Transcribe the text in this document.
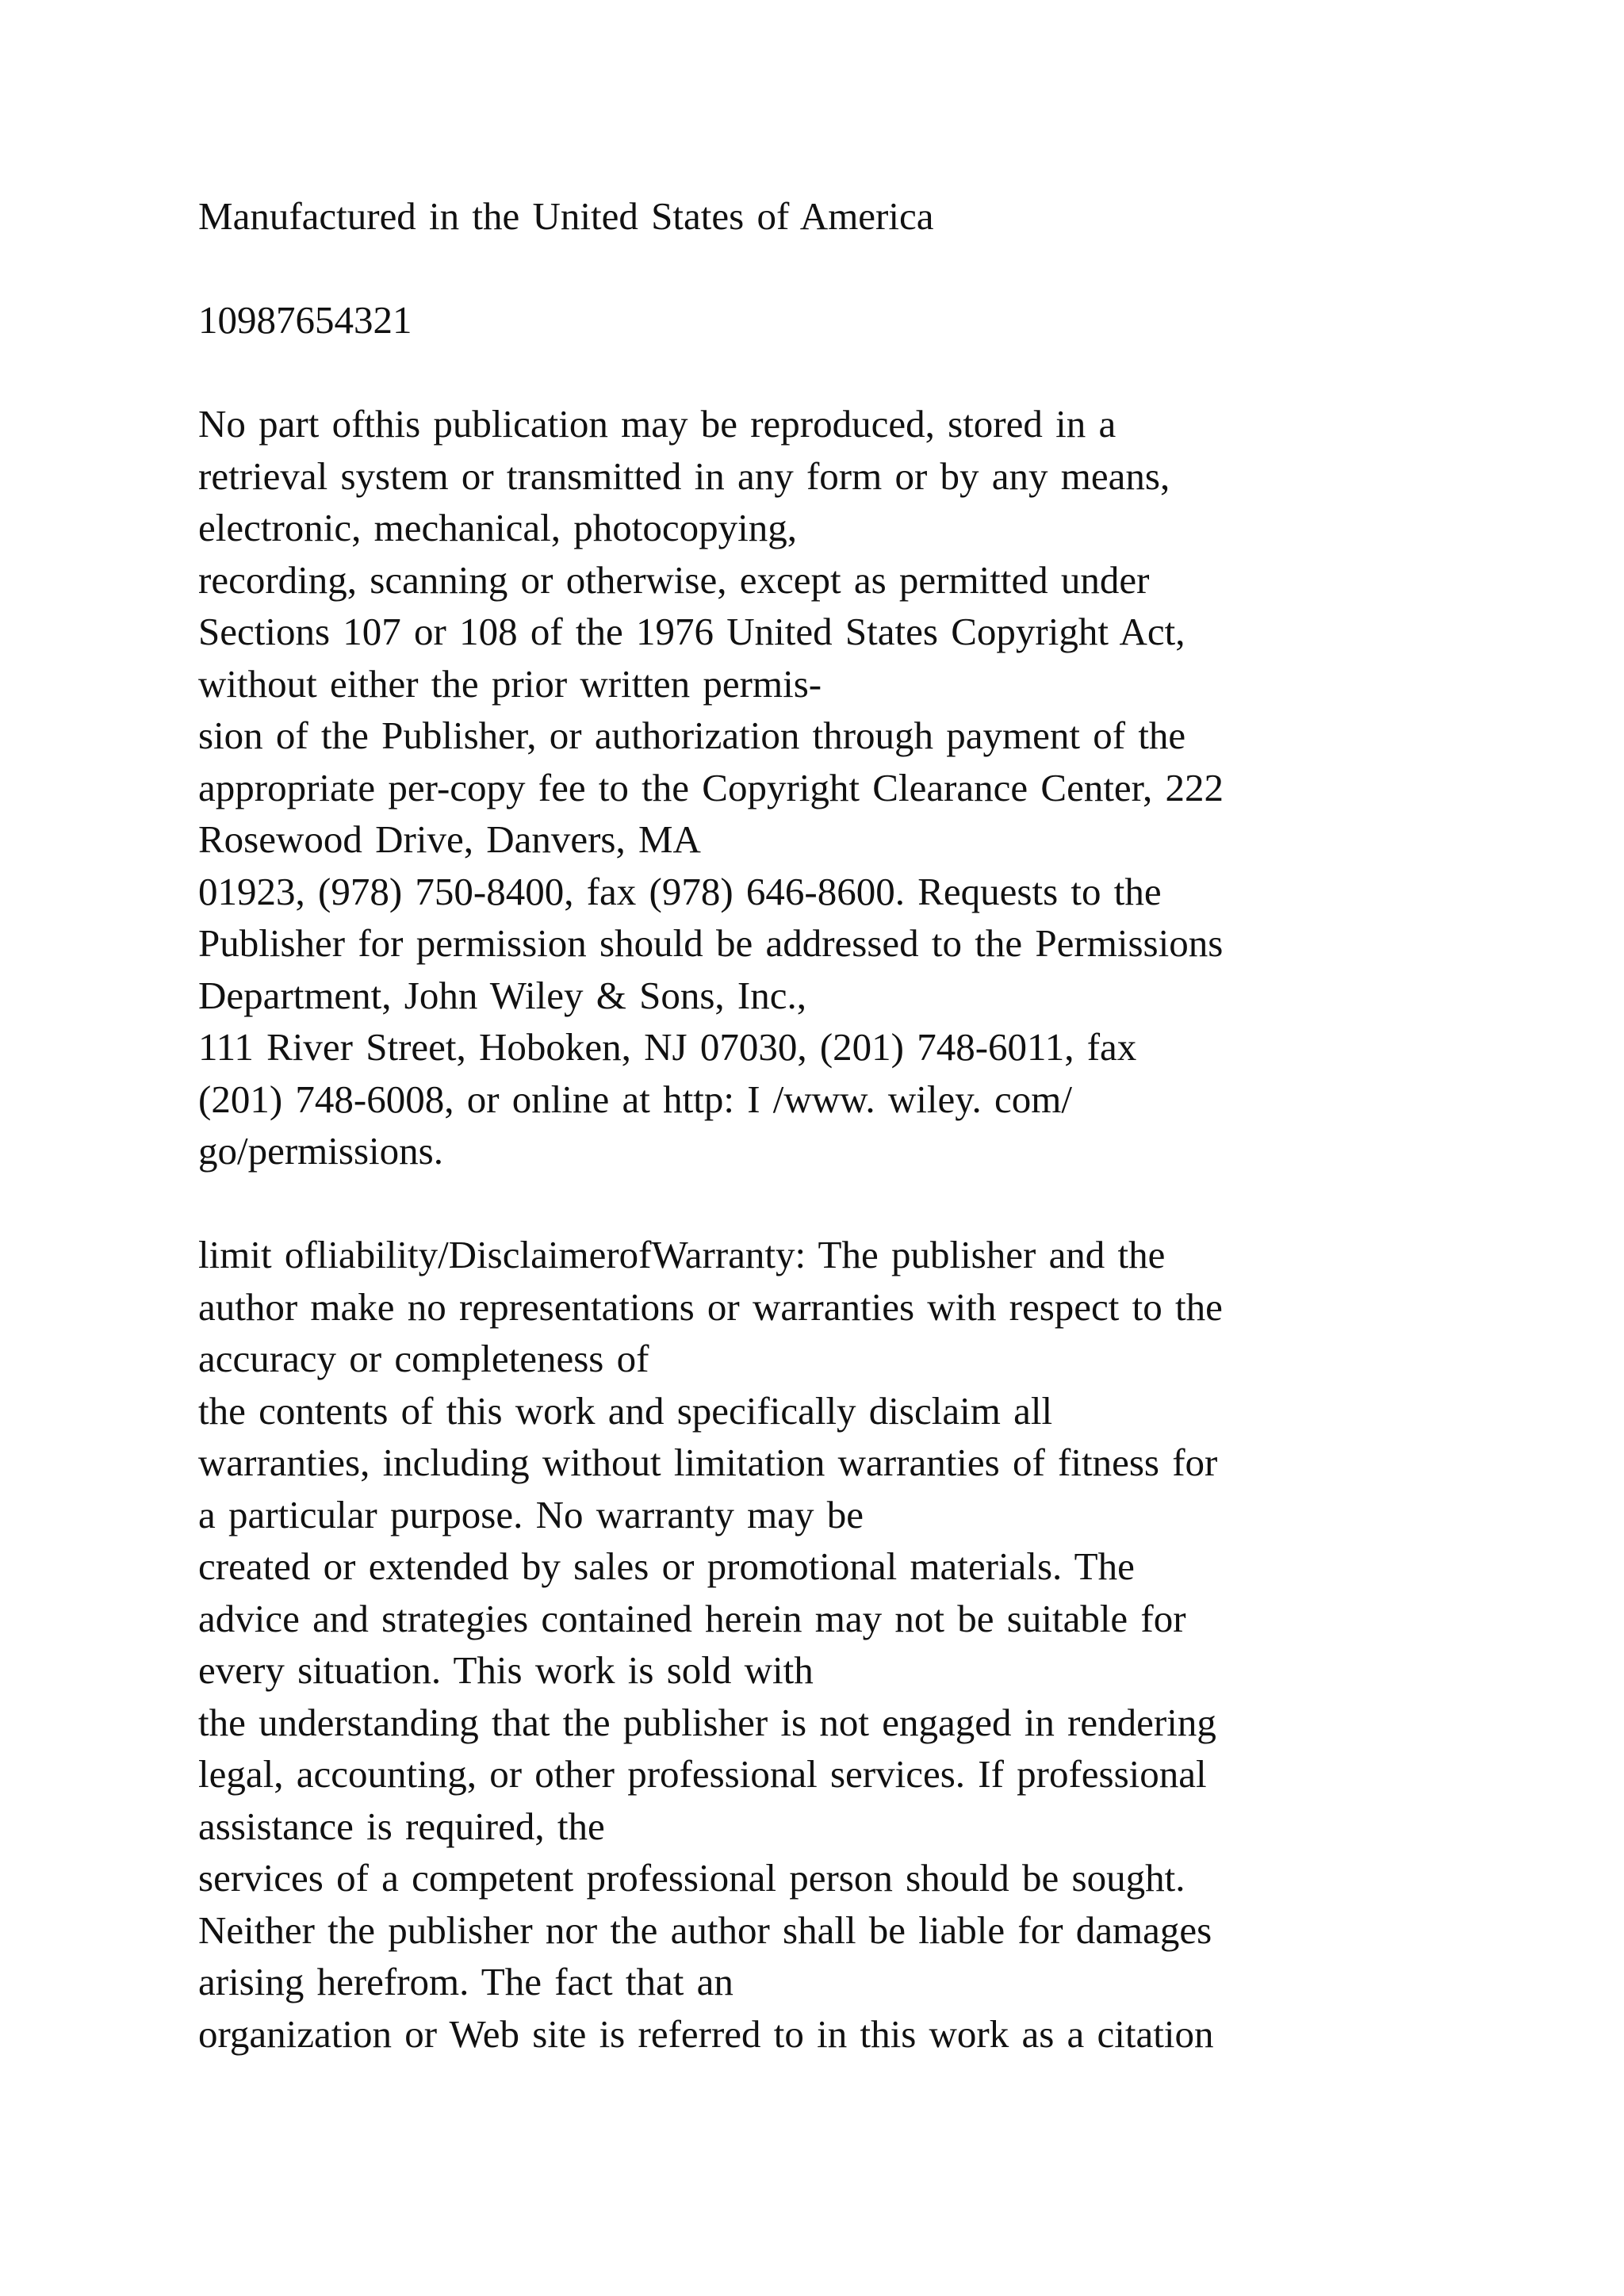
Manufactured in the United States of America

10987654321

No part ofthis publication may be reproduced, stored in a
retrieval system or transmitted in any form or by any means,
electronic, mechanical, photocopying,
recording, scanning or otherwise, except as permitted under
Sections 107 or 108 of the 1976 United States Copyright Act,
without either the prior written permis-
sion of the Publisher, or authorization through payment of the
appropriate per-copy fee to the Copyright Clearance Center, 222
Rosewood Drive, Danvers, MA
01923, (978) 750-8400, fax (978) 646-8600. Requests to the
Publisher for permission should be addressed to the Permissions
Department, John Wiley & Sons, Inc.,
111 River Street, Hoboken, NJ 07030, (201) 748-6011, fax
(201) 748-6008, or online at http: I /www. wiley. com/
go/permissions.

limit ofliability/DisclaimerofWarranty: The publisher and the
author make no representations or warranties with respect to the
accuracy or completeness of
the contents of this work and specifically disclaim all
warranties, including without limitation warranties of fitness for
a particular purpose. No warranty may be
created or extended by sales or promotional materials. The
advice and strategies contained herein may not be suitable for
every situation. This work is sold with
the understanding that the publisher is not engaged in rendering
legal, accounting, or other professional services. If professional
assistance is required, the
services of a competent professional person should be sought.
Neither the publisher nor the author shall be liable for damages
arising herefrom. The fact that an
organization or Web site is referred to in this work as a citation
